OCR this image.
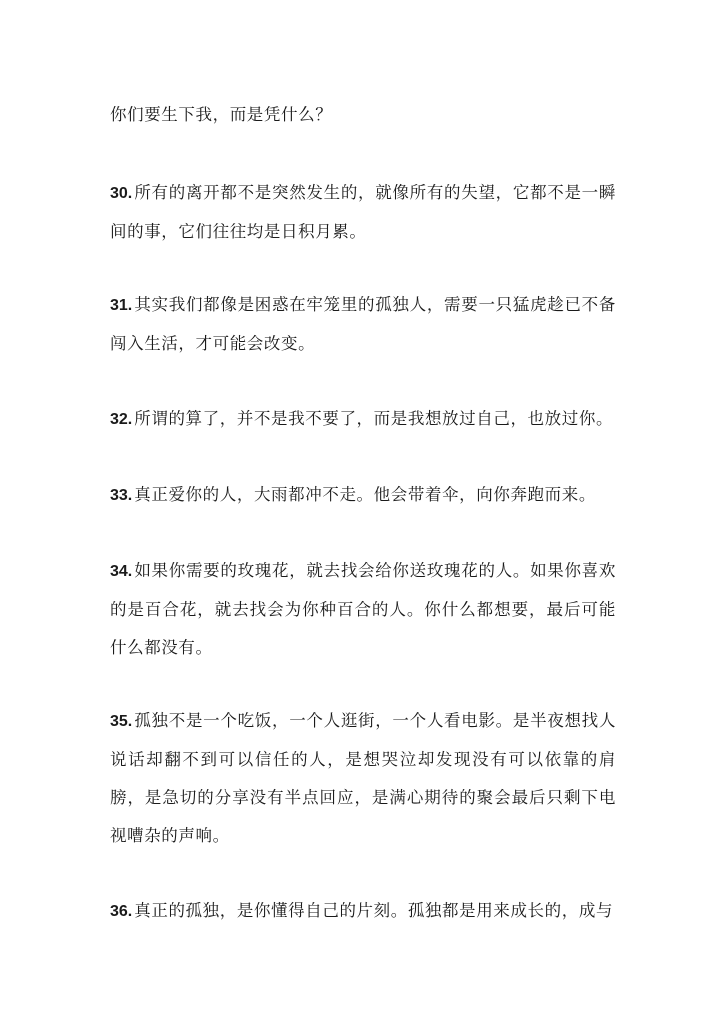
你们要生下我，而是凭什么？

30. 所有的离开都不是突然发生的，就像所有的失望，它都不是一瞬间的事，它们往往均是日积月累。

31. 其实我们都像是困惑在牢笼里的孤独人，需要一只猛虎趁已不备闯入生活，才可能会改变。

32. 所谓的算了，并不是我不要了，而是我想放过自己，也放过你。

33. 真正爱你的人，大雨都冲不走。他会带着伞，向你奔跑而来。

34. 如果你需要的玫瑰花，就去找会给你送玫瑰花的人。如果你喜欢的是百合花，就去找会为你种百合的人。你什么都想要，最后可能什么都没有。

35. 孤独不是一个吃饭，一个人逛街，一个人看电影。是半夜想找人说话却翻不到可以信任的人，是想哭泣却发现没有可以依靠的肩膀，是急切的分享没有半点回应，是满心期待的聚会最后只剩下电视嘈杂的声响。

36. 真正的孤独，是你懂得自己的片刻。孤独都是用来成长的，成与
